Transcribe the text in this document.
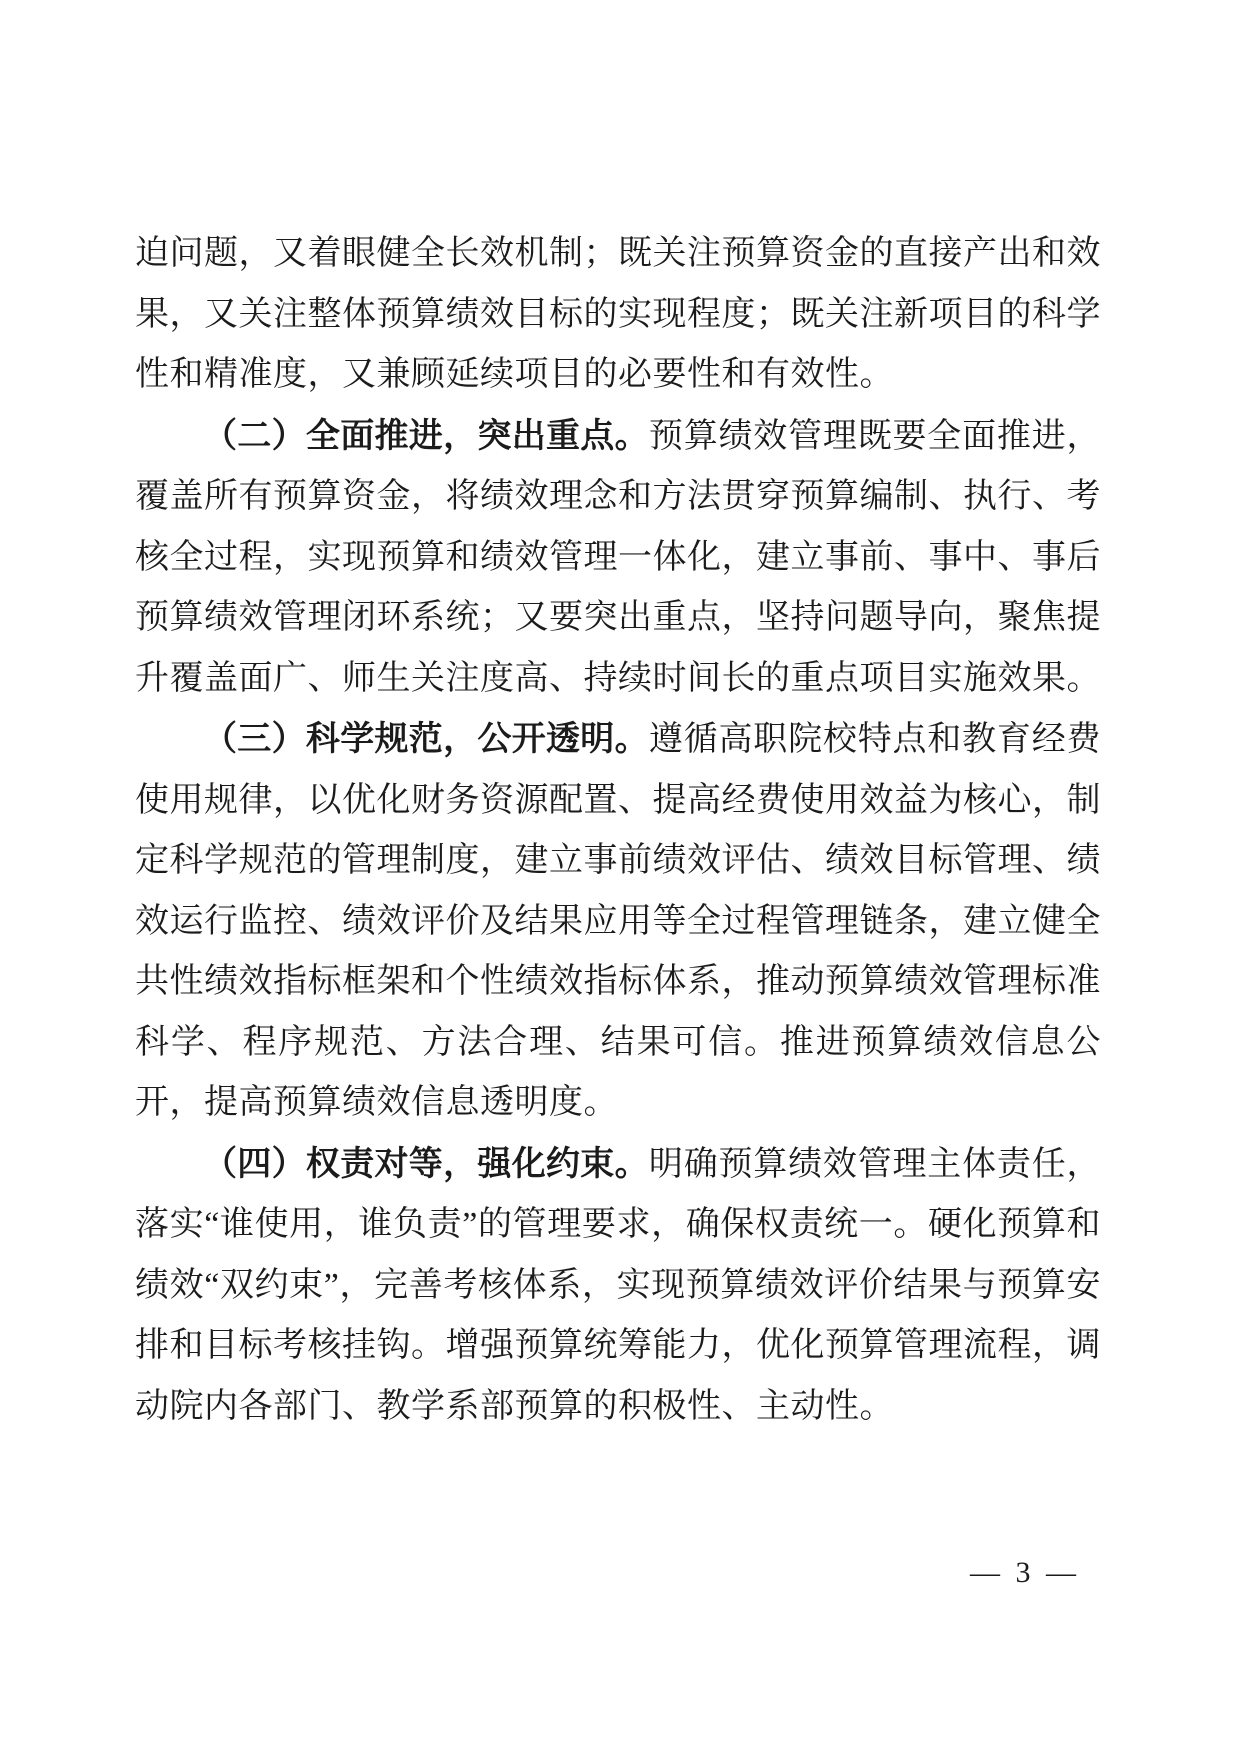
迫问题，又着眼健全长效机制；既关注预算资金的直接产出和效果，又关注整体预算绩效目标的实现程度；既关注新项目的科学性和精准度，又兼顾延续项目的必要性和有效性。

（二）全面推进，突出重点。预算绩效管理既要全面推进，覆盖所有预算资金，将绩效理念和方法贯穿预算编制、执行、考核全过程，实现预算和绩效管理一体化，建立事前、事中、事后预算绩效管理闭环系统；又要突出重点，坚持问题导向，聚焦提升覆盖面广、师生关注度高、持续时间长的重点项目实施效果。

（三）科学规范，公开透明。遵循高职院校特点和教育经费使用规律，以优化财务资源配置、提高经费使用效益为核心，制定科学规范的管理制度，建立事前绩效评估、绩效目标管理、绩效运行监控、绩效评价及结果应用等全过程管理链条，建立健全共性绩效指标框架和个性绩效指标体系，推动预算绩效管理标准科学、程序规范、方法合理、结果可信。推进预算绩效信息公开，提高预算绩效信息透明度。

（四）权责对等，强化约束。明确预算绩效管理主体责任，落实“谁使用，谁负责”的管理要求，确保权责统一。硬化预算和绩效“双约束”，完善考核体系，实现预算绩效评价结果与预算安排和目标考核挂钩。增强预算统筹能力，优化预算管理流程，调动院内各部门、教学系部预算的积极性、主动性。

— 3 —
